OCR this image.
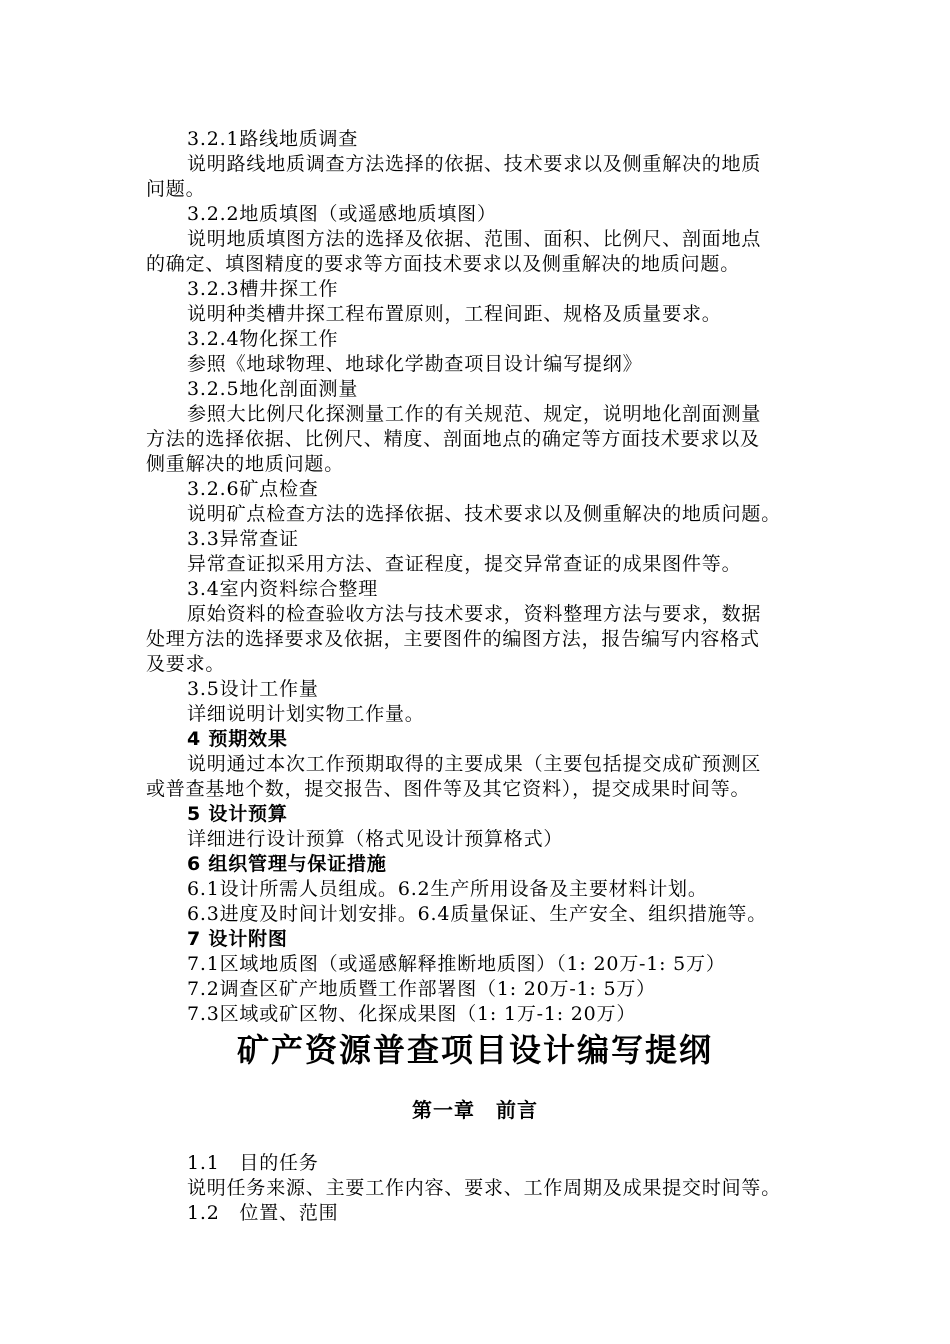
3.2.1路线地质调查
说明路线地质调查方法选择的依据、技术要求以及侧重解决的地质
问题。
3.2.2地质填图（或遥感地质填图）
说明地质填图方法的选择及依据、范围、面积、比例尺、剖面地点
的确定、填图精度的要求等方面技术要求以及侧重解决的地质问题。
3.2.3槽井探工作
说明种类槽井探工程布置原则，工程间距、规格及质量要求。
3.2.4物化探工作
参照《地球物理、地球化学勘查项目设计编写提纲》
3.2.5地化剖面测量
参照大比例尺化探测量工作的有关规范、规定，说明地化剖面测量
方法的选择依据、比例尺、精度、剖面地点的确定等方面技术要求以及
侧重解决的地质问题。
3.2.6矿点检查
说明矿点检查方法的选择依据、技术要求以及侧重解决的地质问题。
3.3异常查证
异常查证拟采用方法、查证程度，提交异常查证的成果图件等。
3.4室内资料综合整理
原始资料的检查验收方法与技术要求，资料整理方法与要求，数据
处理方法的选择要求及依据，主要图件的编图方法，报告编写内容格式
及要求。
3.5设计工作量
详细说明计划实物工作量。
4 预期效果
说明通过本次工作预期取得的主要成果（主要包括提交成矿预测区
或普查基地个数，提交报告、图件等及其它资料），提交成果时间等。
5 设计预算
详细进行设计预算（格式见设计预算格式）
6 组织管理与保证措施
6.1设计所需人员组成。6.2生产所用设备及主要材料计划。
6.3进度及时间计划安排。6.4质量保证、生产安全、组织措施等。
7 设计附图
7.1区域地质图（或遥感解释推断地质图）（1: 20万-1: 5万）
7.2调查区矿产地质暨工作部署图（1: 20万-1: 5万）
7.3区域或矿区物、化探成果图（1: 1万-1: 20万）
矿产资源普查项目设计编写提纲
第一章　前言
1.1　目的任务
说明任务来源、主要工作内容、要求、工作周期及成果提交时间等。
1.2　位置、范围
